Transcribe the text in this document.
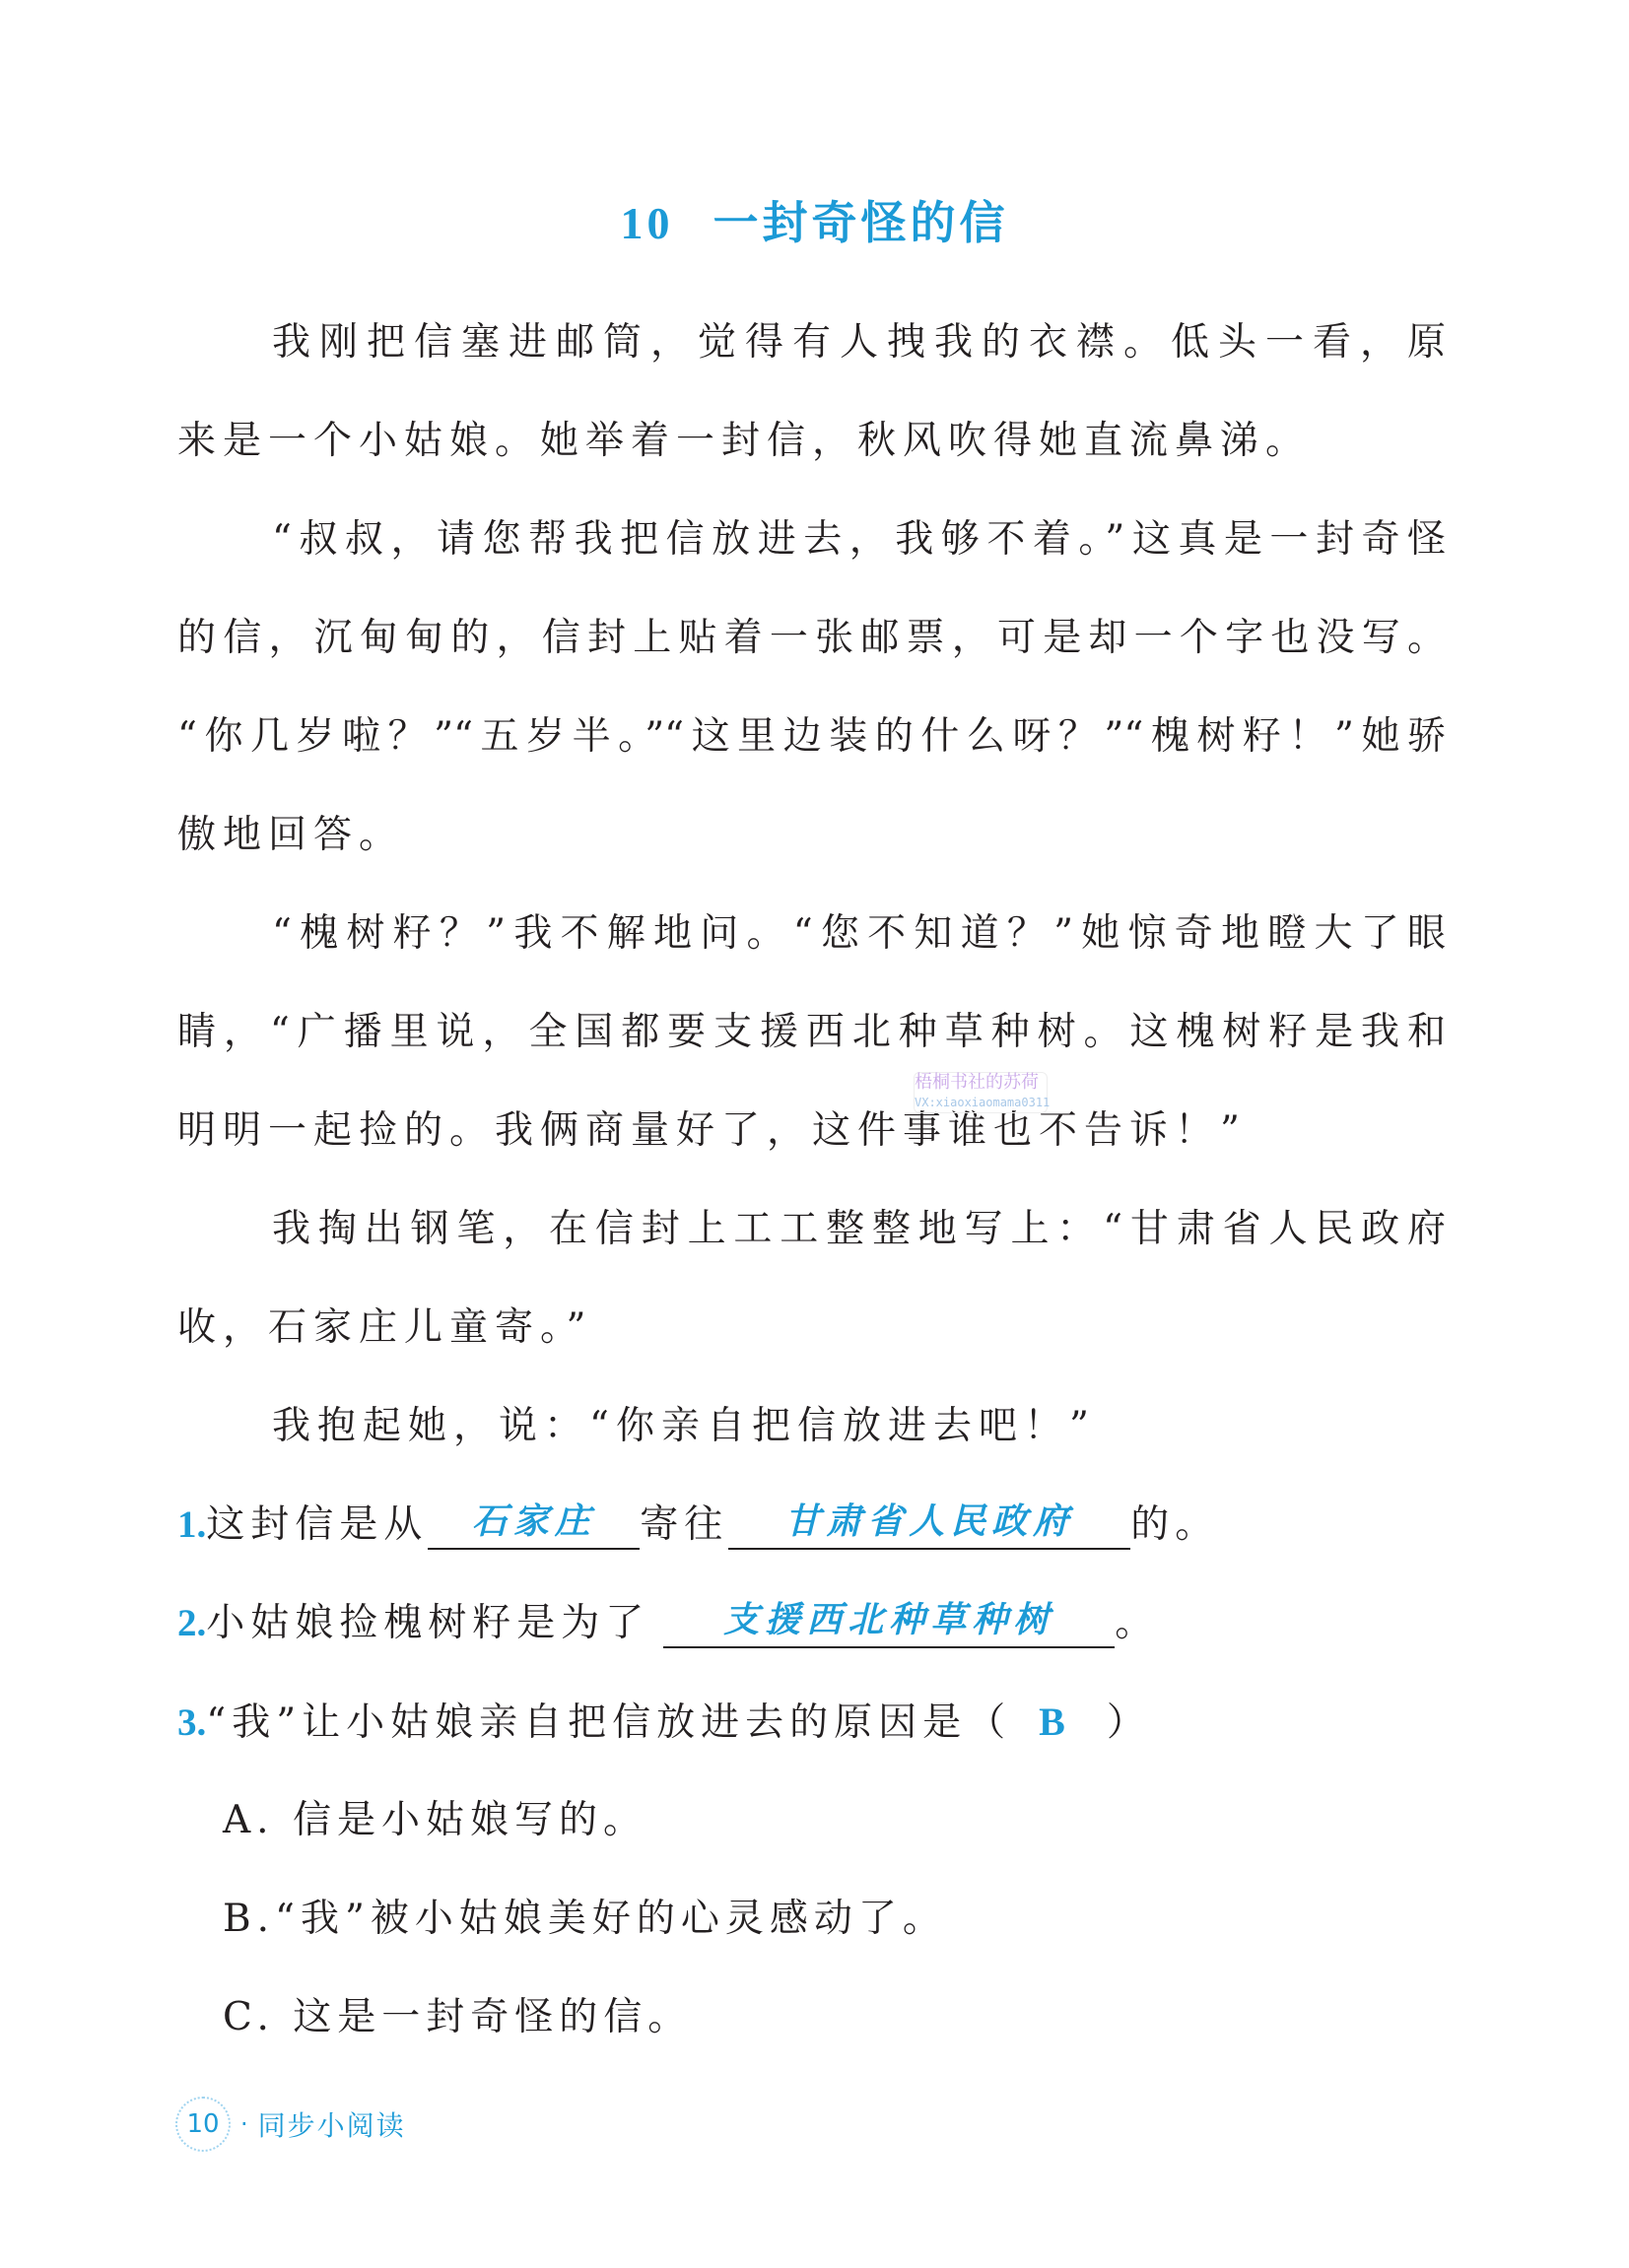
10 一封奇怪的信
我刚把信塞进邮筒，觉得有人拽我的衣襟。低头一看，原
来是一个小姑娘。她举着一封信，秋风吹得她直流鼻涕。
“叔叔，请您帮我把信放进去，我够不着。”这真是一封奇怪
的信，沉甸甸的，信封上贴着一张邮票，可是却一个字也没写。
“你几岁啦？”“五岁半。”“这里边装的什么呀？”“槐树籽！”她骄
傲地回答。
“槐树籽？”我不解地问。“您不知道？”她惊奇地瞪大了眼
睛，“广播里说，全国都要支援西北种草种树。这槐树籽是我和
明明一起捡的。我俩商量好了，这件事谁也不告诉！”
我掏出钢笔，在信封上工工整整地写上：“甘肃省人民政府
收，石家庄儿童寄。”
我抱起她，说：“你亲自把信放进去吧！”
梧桐书社的苏荷
VX:xiaoxiaomama0311
1.这封信是从 石家庄 寄往 甘肃省人民政府 的。
2.小姑娘捡槐树籽是为了 支援西北种草种树 。
3.“我”让小姑娘亲自把信放进去的原因是（ B ）
A. 信是小姑娘写的。
B.“我”被小姑娘美好的心灵感动了。
C. 这是一封奇怪的信。
10 · 同步小阅读
